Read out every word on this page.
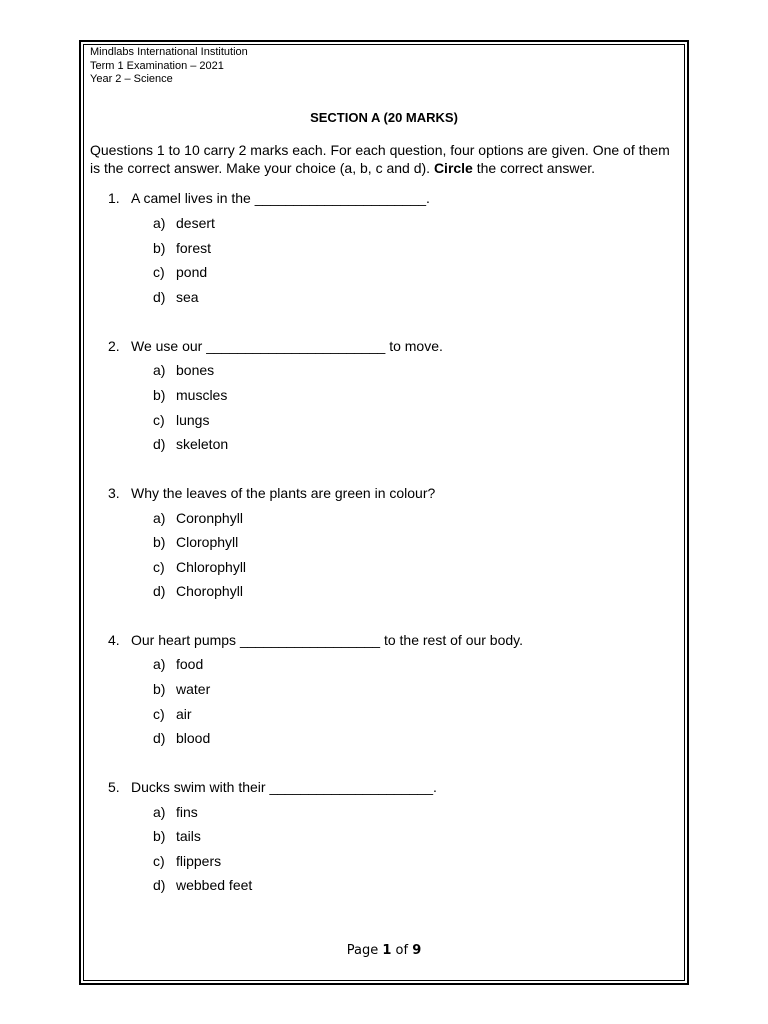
Mindlabs International Institution
Term 1 Examination – 2021
Year 2 – Science
SECTION A (20 MARKS)
Questions 1 to 10 carry 2 marks each. For each question, four options are given. One of them is the correct answer. Make your choice (a, b, c and d). Circle the correct answer.
1. A camel lives in the ______________________.
a) desert
b) forest
c) pond
d) sea
2. We use our _______________________ to move.
a) bones
b) muscles
c) lungs
d) skeleton
3. Why the leaves of the plants are green in colour?
a) Coronphyll
b) Clorophyll
c) Chlorophyll
d) Chorophyll
4. Our heart pumps __________________ to the rest of our body.
a) food
b) water
c) air
d) blood
5. Ducks swim with their _____________________.
a) fins
b) tails
c) flippers
d) webbed feet
Page 1 of 9
